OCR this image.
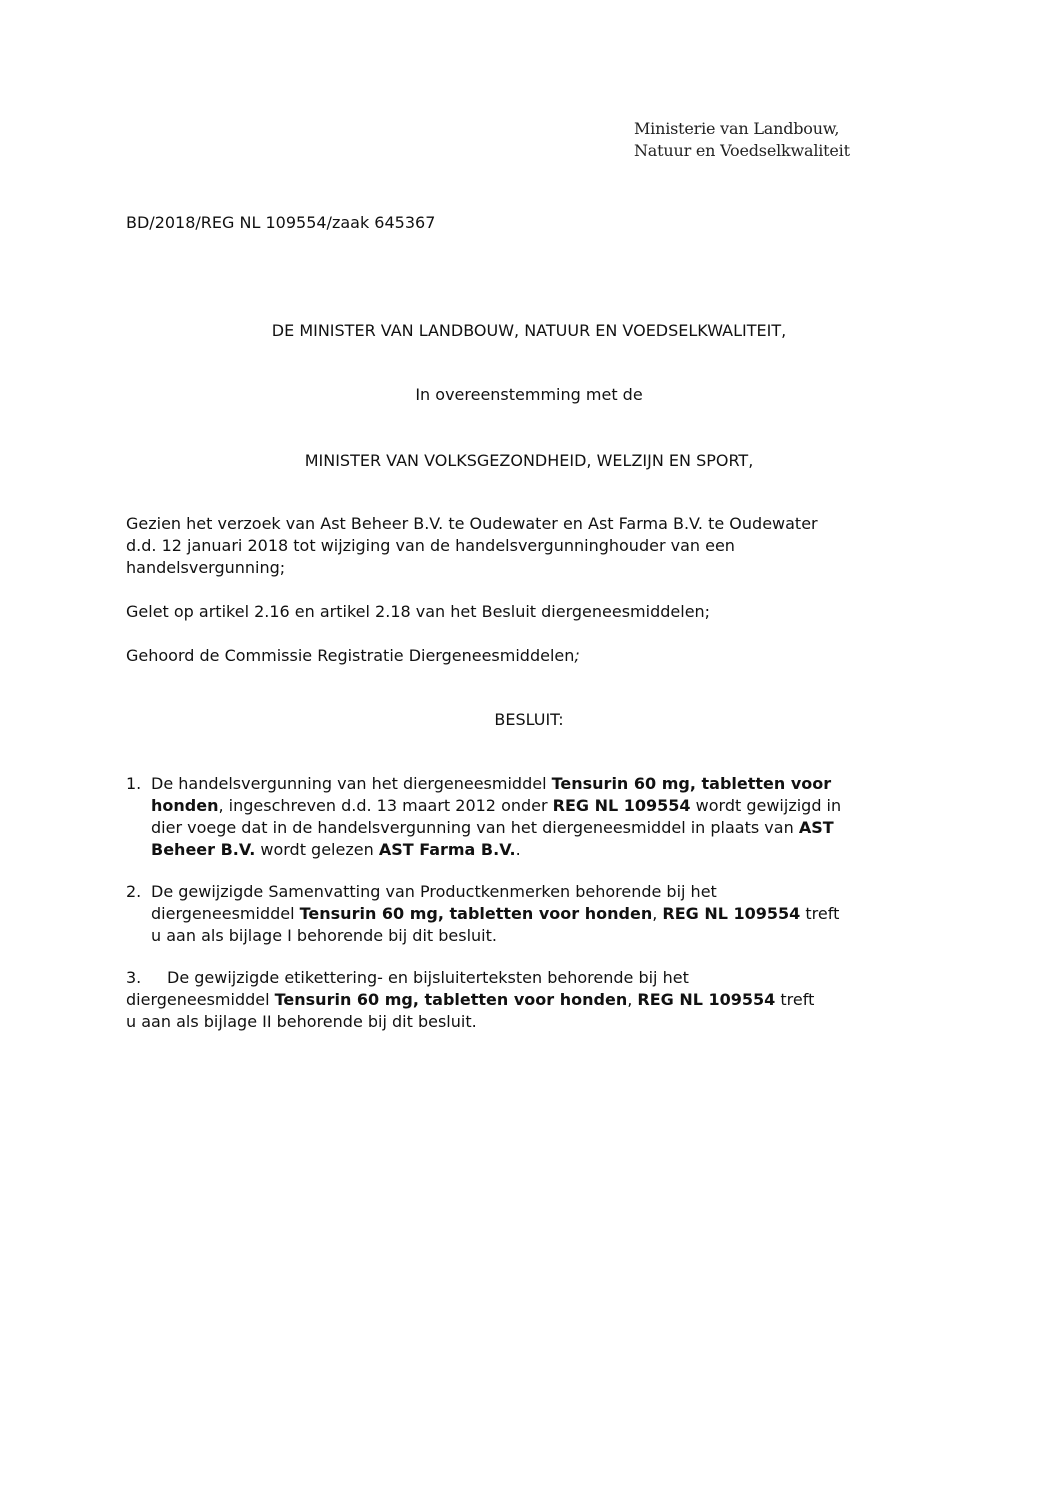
Ministerie van Landbouw,
Natuur en Voedselkwaliteit
BD/2018/REG NL 109554/zaak 645367
DE MINISTER VAN LANDBOUW, NATUUR EN VOEDSELKWALITEIT,
In overeenstemming met de
MINISTER VAN VOLKSGEZONDHEID, WELZIJN EN SPORT,
Gezien het verzoek van Ast Beheer B.V. te Oudewater en Ast Farma B.V. te Oudewater
d.d. 12 januari 2018 tot wijziging van de handelsvergunninghouder van een
handelsvergunning;
Gelet op artikel 2.16 en artikel 2.18 van het Besluit diergeneesmiddelen;
Gehoord de Commissie Registratie Diergeneesmiddelen;
BESLUIT:
1. De handelsvergunning van het diergeneesmiddel Tensurin 60 mg, tabletten voor
honden, ingeschreven d.d. 13 maart 2012 onder REG NL 109554 wordt gewijzigd in
dier voege dat in de handelsvergunning van het diergeneesmiddel in plaats van AST
Beheer B.V. wordt gelezen AST Farma B.V..
2. De gewijzigde Samenvatting van Productkenmerken behorende bij het
diergeneesmiddel Tensurin 60 mg, tabletten voor honden, REG NL 109554 treft
u aan als bijlage I behorende bij dit besluit.
3. De gewijzigde etikettering- en bijsluiterteksten behorende bij het
diergeneesmiddel Tensurin 60 mg, tabletten voor honden, REG NL 109554 treft
u aan als bijlage II behorende bij dit besluit.
